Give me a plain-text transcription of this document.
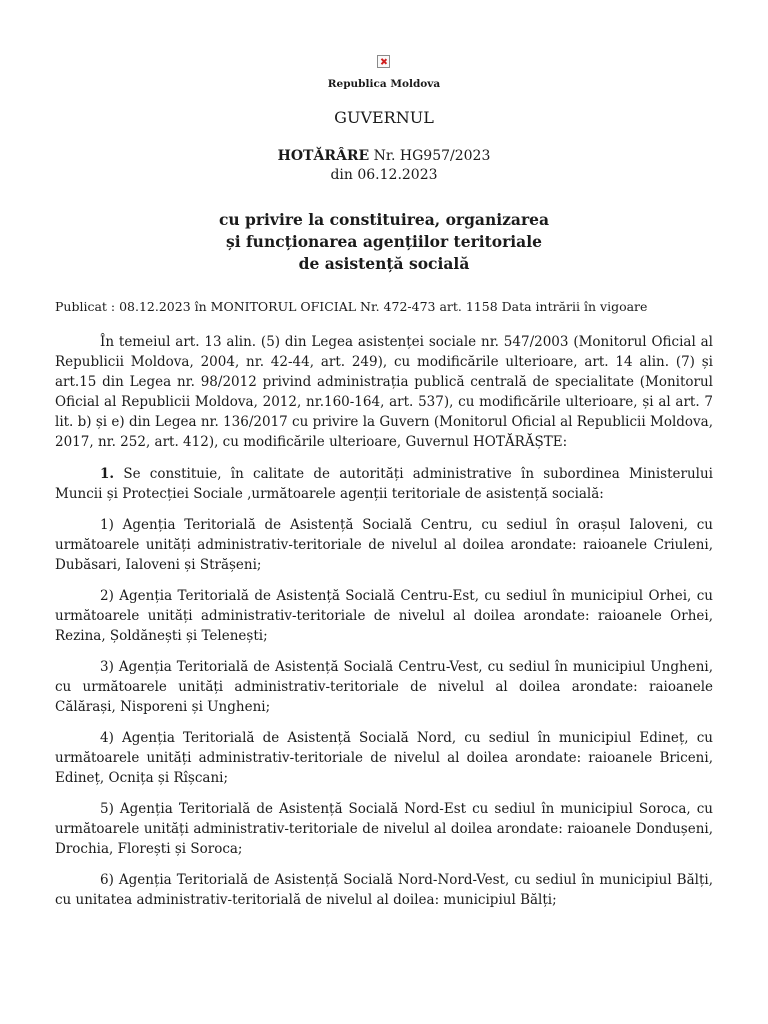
Republica Moldova
GUVERNUL
HOTĂRÂRE Nr. HG957/2023
din 06.12.2023
cu privire la constituirea, organizarea
și funcționarea agențiilor teritoriale
de asistență socială
Publicat : 08.12.2023 în MONITORUL OFICIAL Nr. 472-473 art. 1158 Data intrării în vigoare

În temeiul art. 13 alin. (5) din Legea asistenței sociale nr. 547/2003 (Monitorul Oficial al Republicii Moldova, 2004, nr. 42-44, art. 249), cu modificările ulterioare, art. 14 alin. (7) și art.15 din Legea nr. 98/2012 privind administrația publică centrală de specialitate (Monitorul Oficial al Republicii Moldova, 2012, nr.160-164, art. 537), cu modificările ulterioare, și al art. 7 lit. b) și e) din Legea nr. 136/2017 cu privire la Guvern (Monitorul Oficial al Republicii Moldova, 2017, nr. 252, art. 412), cu modificările ulterioare, Guvernul HOTĂRĂȘTE:

1. Se constituie, în calitate de autorități administrative în subordinea Ministerului Muncii și Protecției Sociale ,următoarele agenții teritoriale de asistență socială:

1) Agenția Teritorială de Asistență Socială Centru, cu sediul în orașul Ialoveni, cu următoarele unități administrativ-teritoriale de nivelul al doilea arondate: raioanele Criuleni, Dubăsari, Ialoveni și Strășeni;

2) Agenția Teritorială de Asistență Socială Centru-Est, cu sediul în municipiul Orhei, cu următoarele unități administrativ-teritoriale de nivelul al doilea arondate: raioanele Orhei, Rezina, Șoldănești și Telenești;

3) Agenția Teritorială de Asistență Socială Centru-Vest, cu sediul în municipiul Ungheni, cu următoarele unități administrativ-teritoriale de nivelul al doilea arondate: raioanele Călărași, Nisporeni și Ungheni;

4) Agenția Teritorială de Asistență Socială Nord, cu sediul în municipiul Edineț, cu următoarele unități administrativ-teritoriale de nivelul al doilea arondate: raioanele Briceni, Edineț, Ocnița și Rîșcani;

5) Agenția Teritorială de Asistență Socială Nord-Est cu sediul în municipiul Soroca, cu următoarele unități administrativ-teritoriale de nivelul al doilea arondate: raioanele Dondușeni, Drochia, Florești și Soroca;

6) Agenția Teritorială de Asistență Socială Nord-Nord-Vest, cu sediul în municipiul Bălți, cu unitatea administrativ-teritorială de nivelul al doilea: municipiul Bălți;
